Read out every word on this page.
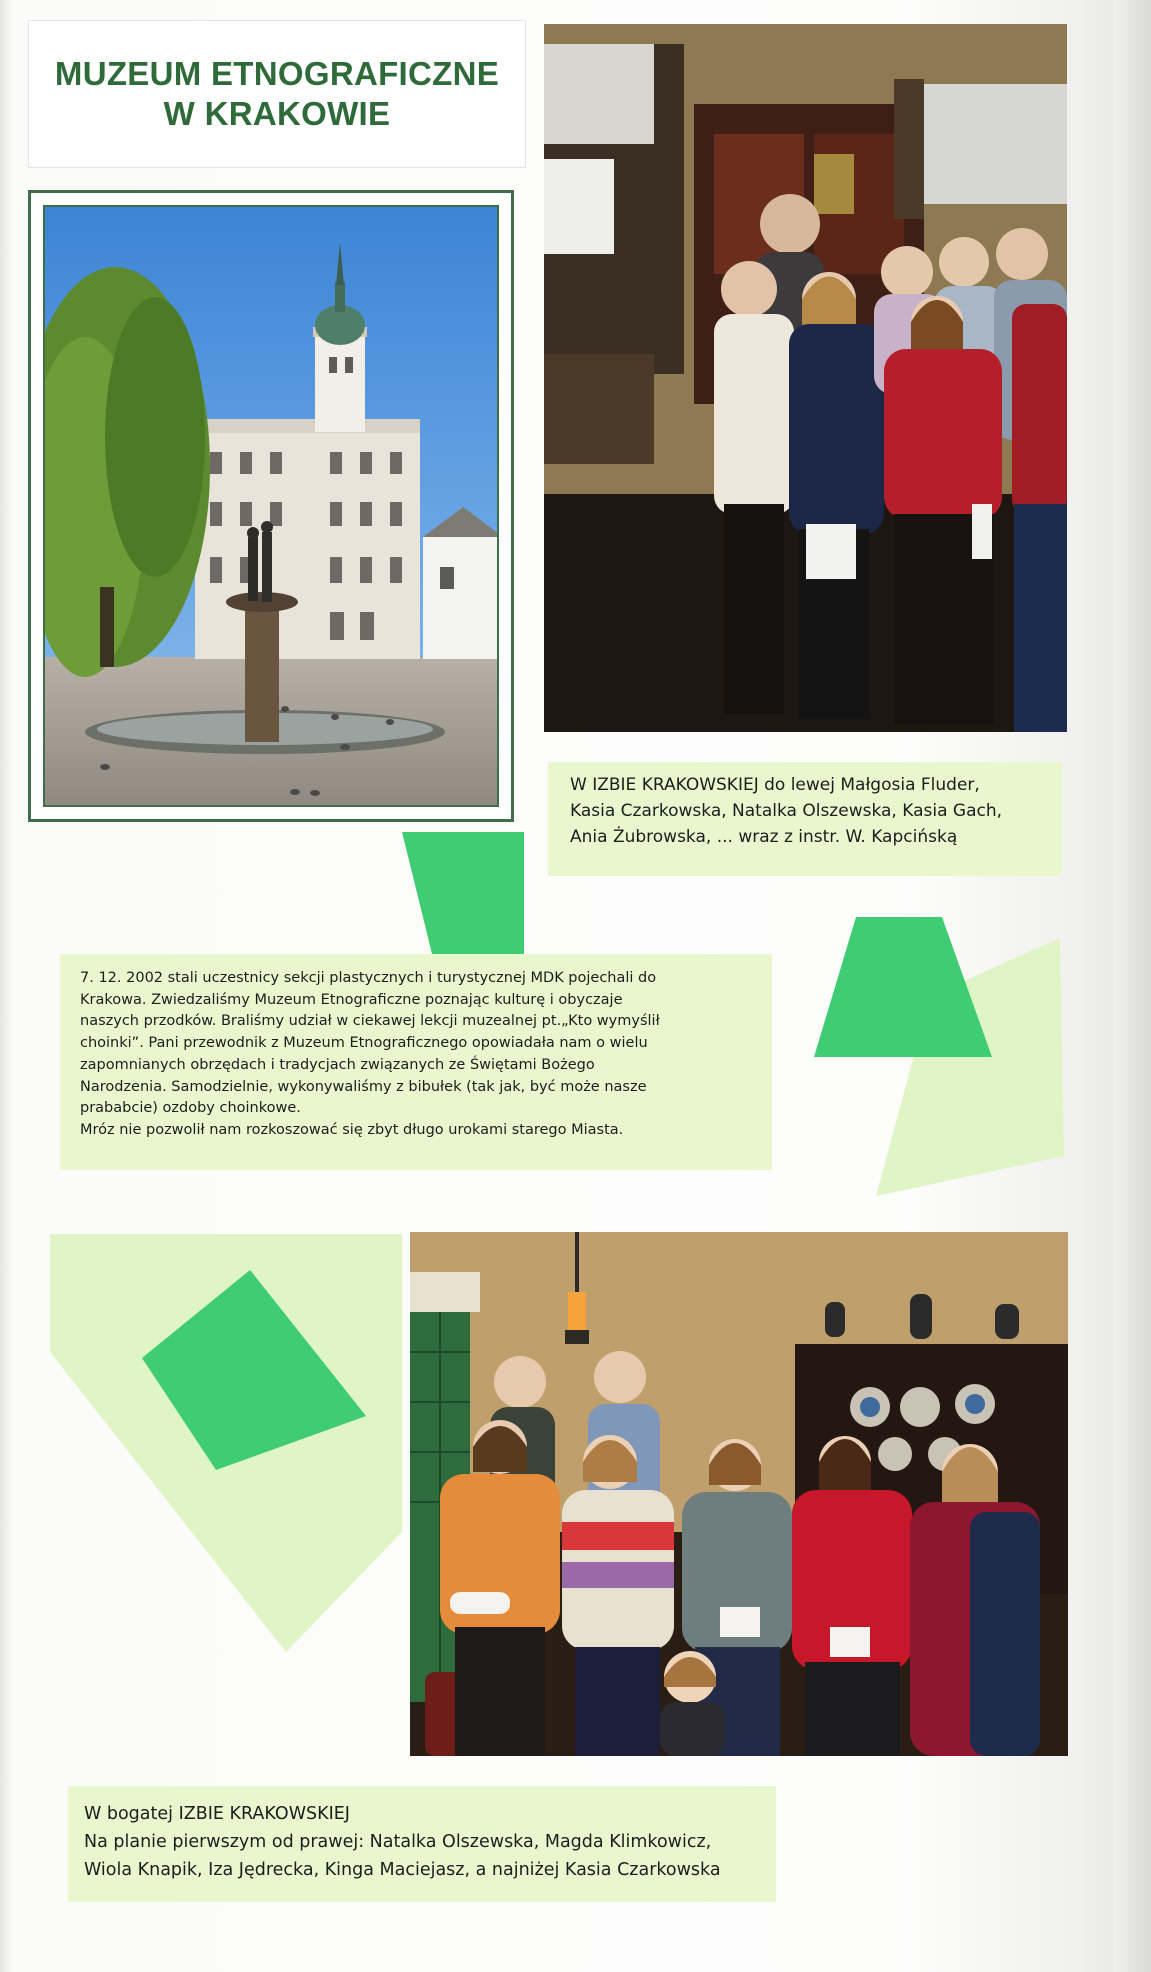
MUZEUM ETNOGRAFICZNE
W KRAKOWIE
W IZBIE KRAKOWSKIEJ do lewej Małgosia Fluder,
Kasia Czarkowska, Natalka Olszewska, Kasia Gach,
Ania Żubrowska, ... wraz z instr. W. Kapcińską
7. 12. 2002 stali uczestnicy sekcji plastycznych i turystycznej MDK pojechali do
Krakowa. Zwiedzaliśmy Muzeum Etnograficzne poznając kulturę i obyczaje
naszych przodków. Braliśmy udział w ciekawej lekcji muzealnej pt.„Kto wymyślił
choinki”. Pani przewodnik z Muzeum Etnograficznego opowiadała nam o wielu
zapomnianych obrzędach i tradycjach związanych ze Świętami Bożego
Narodzenia. Samodzielnie, wykonywaliśmy z bibułek (tak jak, być może nasze
prababcie) ozdoby choinkowe.
Mróz nie pozwolił nam rozkoszować się zbyt długo urokami starego Miasta.
W bogatej IZBIE KRAKOWSKIEJ
Na planie pierwszym od prawej: Natalka Olszewska, Magda Klimkowicz,
Wiola Knapik, Iza Jędrecka, Kinga Maciejasz, a najniżej Kasia Czarkowska
